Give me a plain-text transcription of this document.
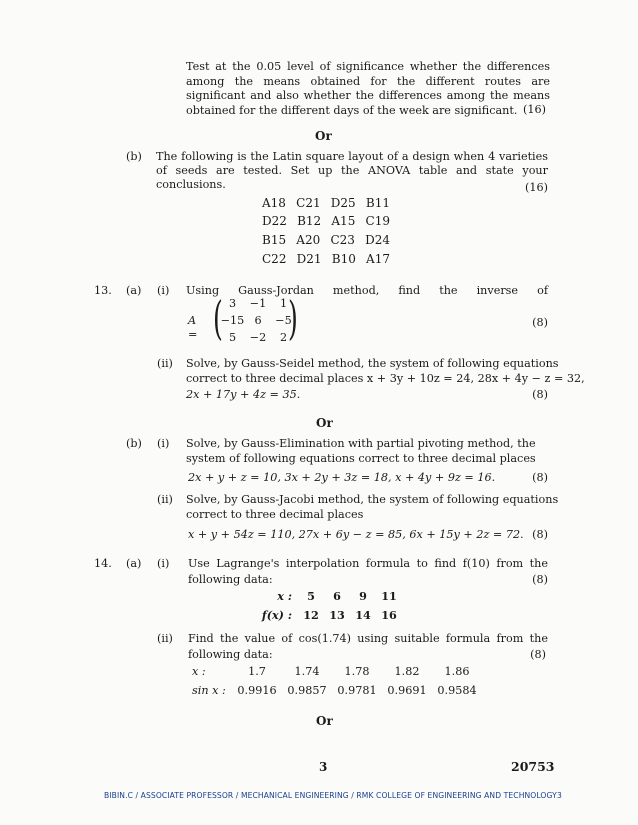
Test at the 0.05 level of significance whether the differences among the means obtained for the different routes are significant and also whether the differences among the means obtained for the different days of the week are significant. (16)
Or
(b) The following is the Latin square layout of a design when 4 varieties of seeds are tested. Set up the ANOVA table and state your conclusions.	(16)
A18 C21 D25 B11
D22 B12 A15 C19
B15 A20 C23 D24
C22 D21 B10 A17
13. (a) (i) Using Gauss-Jordan method, find the inverse of
A = ( 3	−1	1
−15 6	−5
5	−2	2 )	(8)
(ii) Solve, by Gauss-Seidel method, the system of following equations
correct to three decimal places x + 3y + 10z = 24, 28x + 4y − z = 32,
2x + 17y + 4z = 35.	(8)
Or
(b) (i) Solve, by Gauss-Elimination with partial pivoting method, the
system of following equations correct to three decimal places
2x + y + z = 10, 3x + 2y + 3z = 18, x + 4y + 9z = 16.	(8)
(ii) Solve, by Gauss-Jacobi method, the system of following equations
correct to three decimal places
x + y + 54z = 110, 27x + 6y − z = 85, 6x + 15y + 2z = 72. (8)
14. (a) (i) Use Lagrange's interpolation formula to find f(10) from the
following data:	(8)
x :	5	6	9	11
f(x) :	12 13 14 16
(ii) Find the value of cos(1.74) using suitable formula from the
following data:	(8)
x :	1.7	1.74	1.78	1.82	1.86
sin x :	0.9916 0.9857 0.9781 0.9691 0.9584
Or
3	20753
BIBIN.C / ASSOCIATE PROFESSOR / MECHANICAL ENGINEERING / RMK COLLEGE OF ENGINEERING AND TECHNOLOGY 3
